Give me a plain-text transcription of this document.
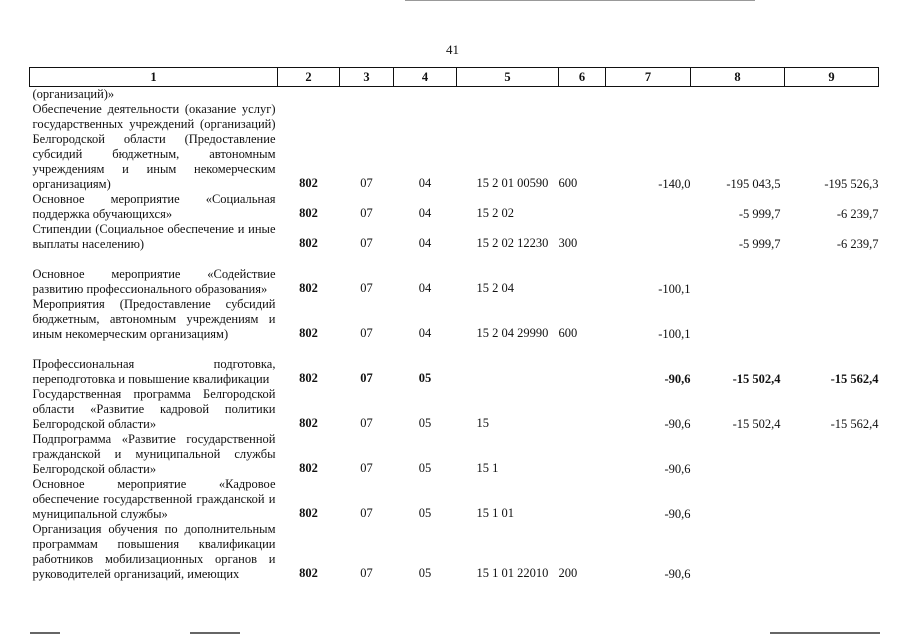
41
1	2	3	4	5	6	7	8	9

(организаций)»
Обеспечение деятельности (оказание услуг) государственных учреждений (организаций) Белгородской области (Предоставление субсидий бюджетным, автономным учреждениям и иным некомерческим организациям)	802	07	04	15 2 01 00590	600	-140,0	-195 043,5	-195 526,3
Основное мероприятие «Социальная поддержка обучающихся»	802	07	04	15 2 02			-5 999,7	-6 239,7
Стипендии (Социальное обеспечение и иные выплаты населению)	802	07	04	15 2 02 12230	300		-5 999,7	-6 239,7
Основное мероприятие «Содействие развитию профессионального образования»	802	07	04	15 2 04		-100,1		
Мероприятия (Предоставление субсидий бюджетным, автономным учреждениям и иным некомерческим организациям)	802	07	04	15 2 04 29990	600	-100,1		
Профессиональная подготовка, переподготовка и повышение квалификации	802	07	05			-90,6	-15 502,4	-15 562,4
Государственная программа Белгородской области «Развитие кадровой политики Белгородской области»	802	07	05	15		-90,6	-15 502,4	-15 562,4
Подпрограмма «Развитие государственной гражданской и муниципальной службы Белгородской области»	802	07	05	15 1		-90,6		
Основное мероприятие «Кадровое обеспечение государственной гражданской и муниципальной службы»	802	07	05	15 1 01		-90,6		
Организация обучения по дополнительным программам повышения квалификации работников мобилизационных органов и руководителей организаций, имеющих	802	07	05	15 1 01 22010	200	-90,6		
